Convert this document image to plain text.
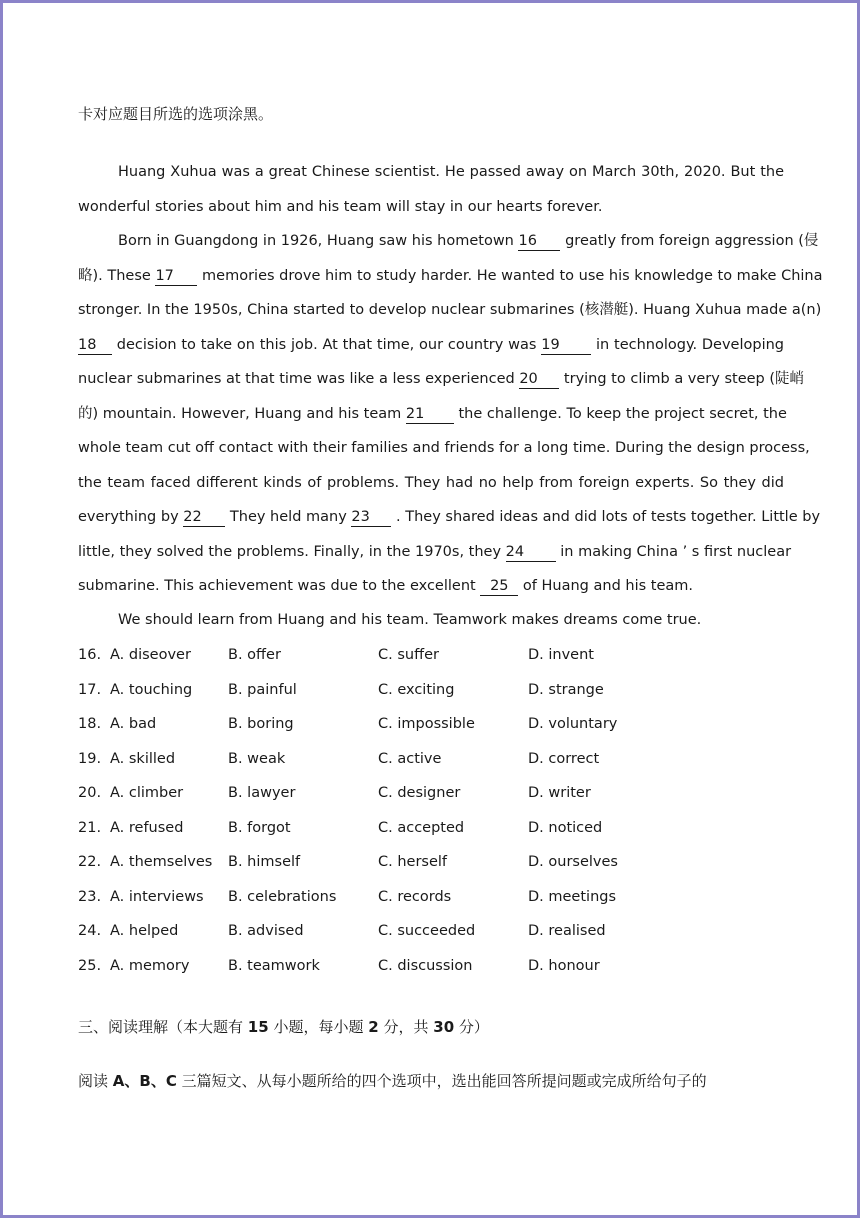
卡对应题目所选的选项涂黑。
Huang Xuhua was a great Chinese scientist. He passed away on March 30th, 2020. But the
wonderful stories about him and his team will stay in our hearts forever.
Born in Guangdong in 1926, Huang saw his hometown 16 greatly from foreign aggression (侵
略). These 17 memories drove him to study harder. He wanted to use his knowledge to make China
stronger. In the 1950s, China started to develop nuclear submarines (核潜艇). Huang Xuhua made a(n)
18 decision to take on this job. At that time, our country was 19	in technology. Developing
nuclear submarines at that time was like a less experienced 20 trying to climb a very steep (陡峭
的) mountain. However, Huang and his team 21 the challenge. To keep the project secret, the
whole team cut off contact with their families and friends for a long time. During the design process,
the team faced different kinds of problems. They had no help from foreign experts. So they did
everything by 22 They held many 23 . They shared ideas and did lots of tests together. Little by
little, they solved the problems. Finally, in the 1970s, they 24 in making China ’ s first nuclear
submarine. This achievement was due to the excellent 25 of Huang and his team.
We should learn from Huang and his team. Teamwork makes dreams come true.
16. A. diseover	B. offer	C. suffer	D. invent
17. A. touching B. painful	C. exciting	D. strange
18. A. bad	B. boring	C. impossible	D. voluntary
19. A. skilled	B. weak	C. active	D. correct
20. A. climber	B. lawyer	C. designer	D. writer
21. A. refused	B. forgot	C. accepted	D. noticed
22. A. themselves B. himself	C. herself	D. ourselves
23. A. interviews B. celebrations	C. records	D. meetings
24. A. helped	B. advised	C. succeeded	D. realised
25. A. memory	B. teamwork	C. discussion	D. honour
三、阅读理解（本大题有 15 小题，每小题 2 分，共 30 分）
阅读 A、B、C 三篇短文、从每小题所给的四个选项中，选出能回答所提问题或完成所给句子的
